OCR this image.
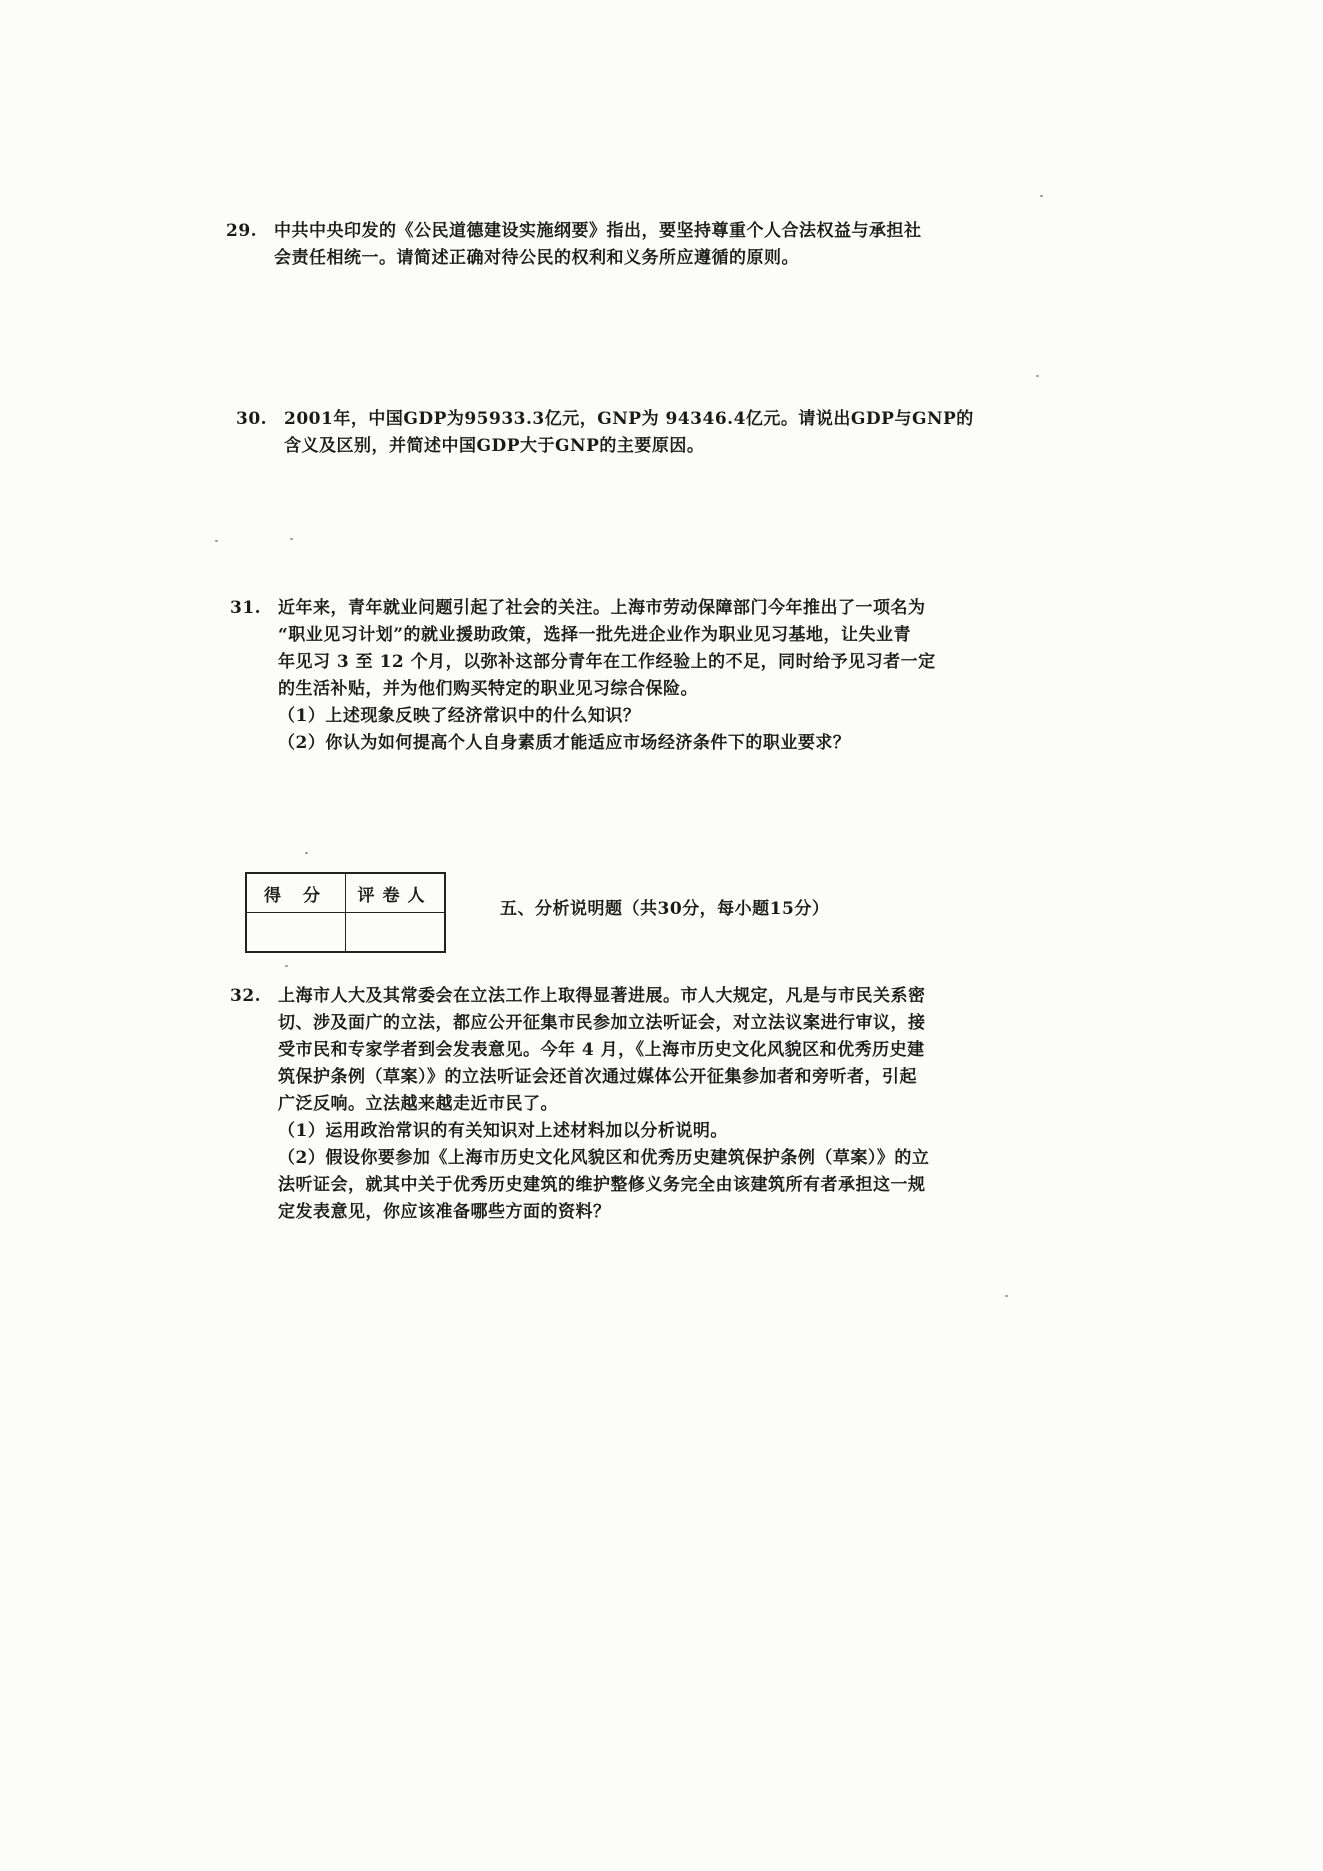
29. 中共中央印发的《公民道德建设实施纲要》指出，要坚持尊重个人合法权益与承担社
会责任相统一。请简述正确对待公民的权利和义务所应遵循的原则。
30. 2001年，中国GDP为95933.3亿元，GNP为 94346.4亿元。请说出GDP与GNP的
含义及区别，并简述中国GDP大于GNP的主要原因。
31. 近年来，青年就业问题引起了社会的关注。上海市劳动保障部门今年推出了一项名为
“职业见习计划”的就业援助政策，选择一批先进企业作为职业见习基地，让失业青
年见习 3 至 12 个月，以弥补这部分青年在工作经验上的不足，同时给予见习者一定
的生活补贴，并为他们购买特定的职业见习综合保险。
（1）上述现象反映了经济常识中的什么知识？
（2）你认为如何提高个人自身素质才能适应市场经济条件下的职业要求？
得 分	评卷人

五、分析说明题（共30分，每小题15分）
32. 上海市人大及其常委会在立法工作上取得显著进展。市人大规定，凡是与市民关系密
切、涉及面广的立法，都应公开征集市民参加立法听证会，对立法议案进行审议，接
受市民和专家学者到会发表意见。今年 4 月，《上海市历史文化风貌区和优秀历史建
筑保护条例（草案）》的立法听证会还首次通过媒体公开征集参加者和旁听者，引起
广泛反响。立法越来越走近市民了。
（1）运用政治常识的有关知识对上述材料加以分析说明。
（2）假设你要参加《上海市历史文化风貌区和优秀历史建筑保护条例（草案）》的立
法听证会，就其中关于优秀历史建筑的维护整修义务完全由该建筑所有者承担这一规
定发表意见，你应该准备哪些方面的资料？
